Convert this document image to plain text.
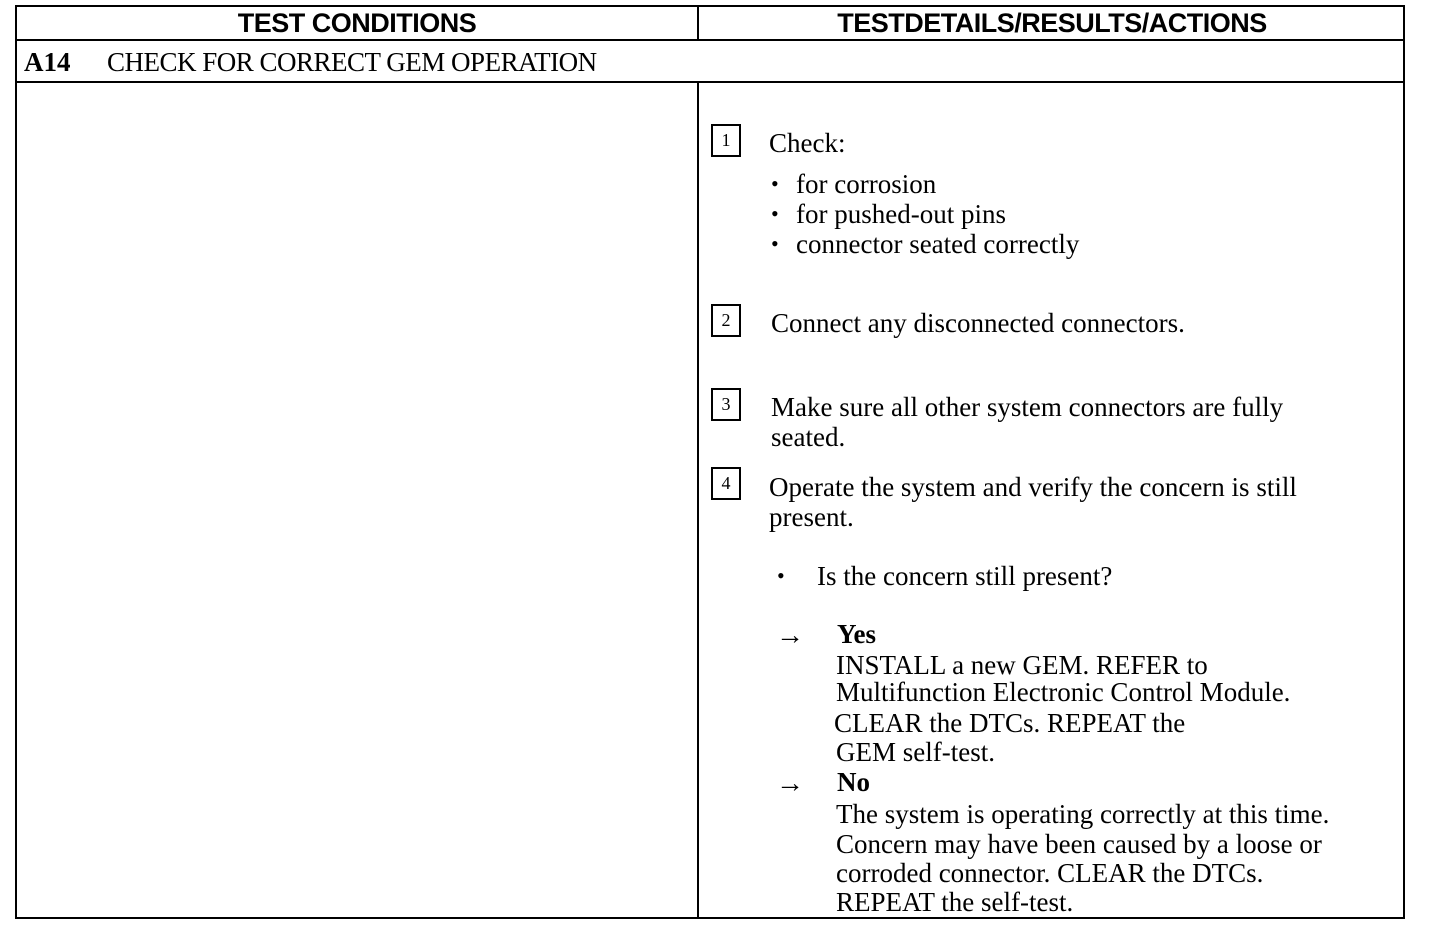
TEST CONDITIONS	TESTDETAILS/RESULTS/ACTIONS
A14 CHECK FOR CORRECT GEM OPERATION
1	Check:
• for corrosion
• for pushed-out pins
• connector seated correctly
2	Connect any disconnected connectors.
3	Make sure all other system connectors are fully
seated.
4	Operate the system and verify the concern is still
present.
• Is the concern still present?
→ Yes
INSTALL a new GEM. REFER to
Multifunction Electronic Control Module.
CLEAR the DTCs. REPEAT the
GEM self-test.
→ No
The system is operating correctly at this time.
Concern may have been caused by a loose or
corroded connector. CLEAR the DTCs.
REPEAT the self-test.
